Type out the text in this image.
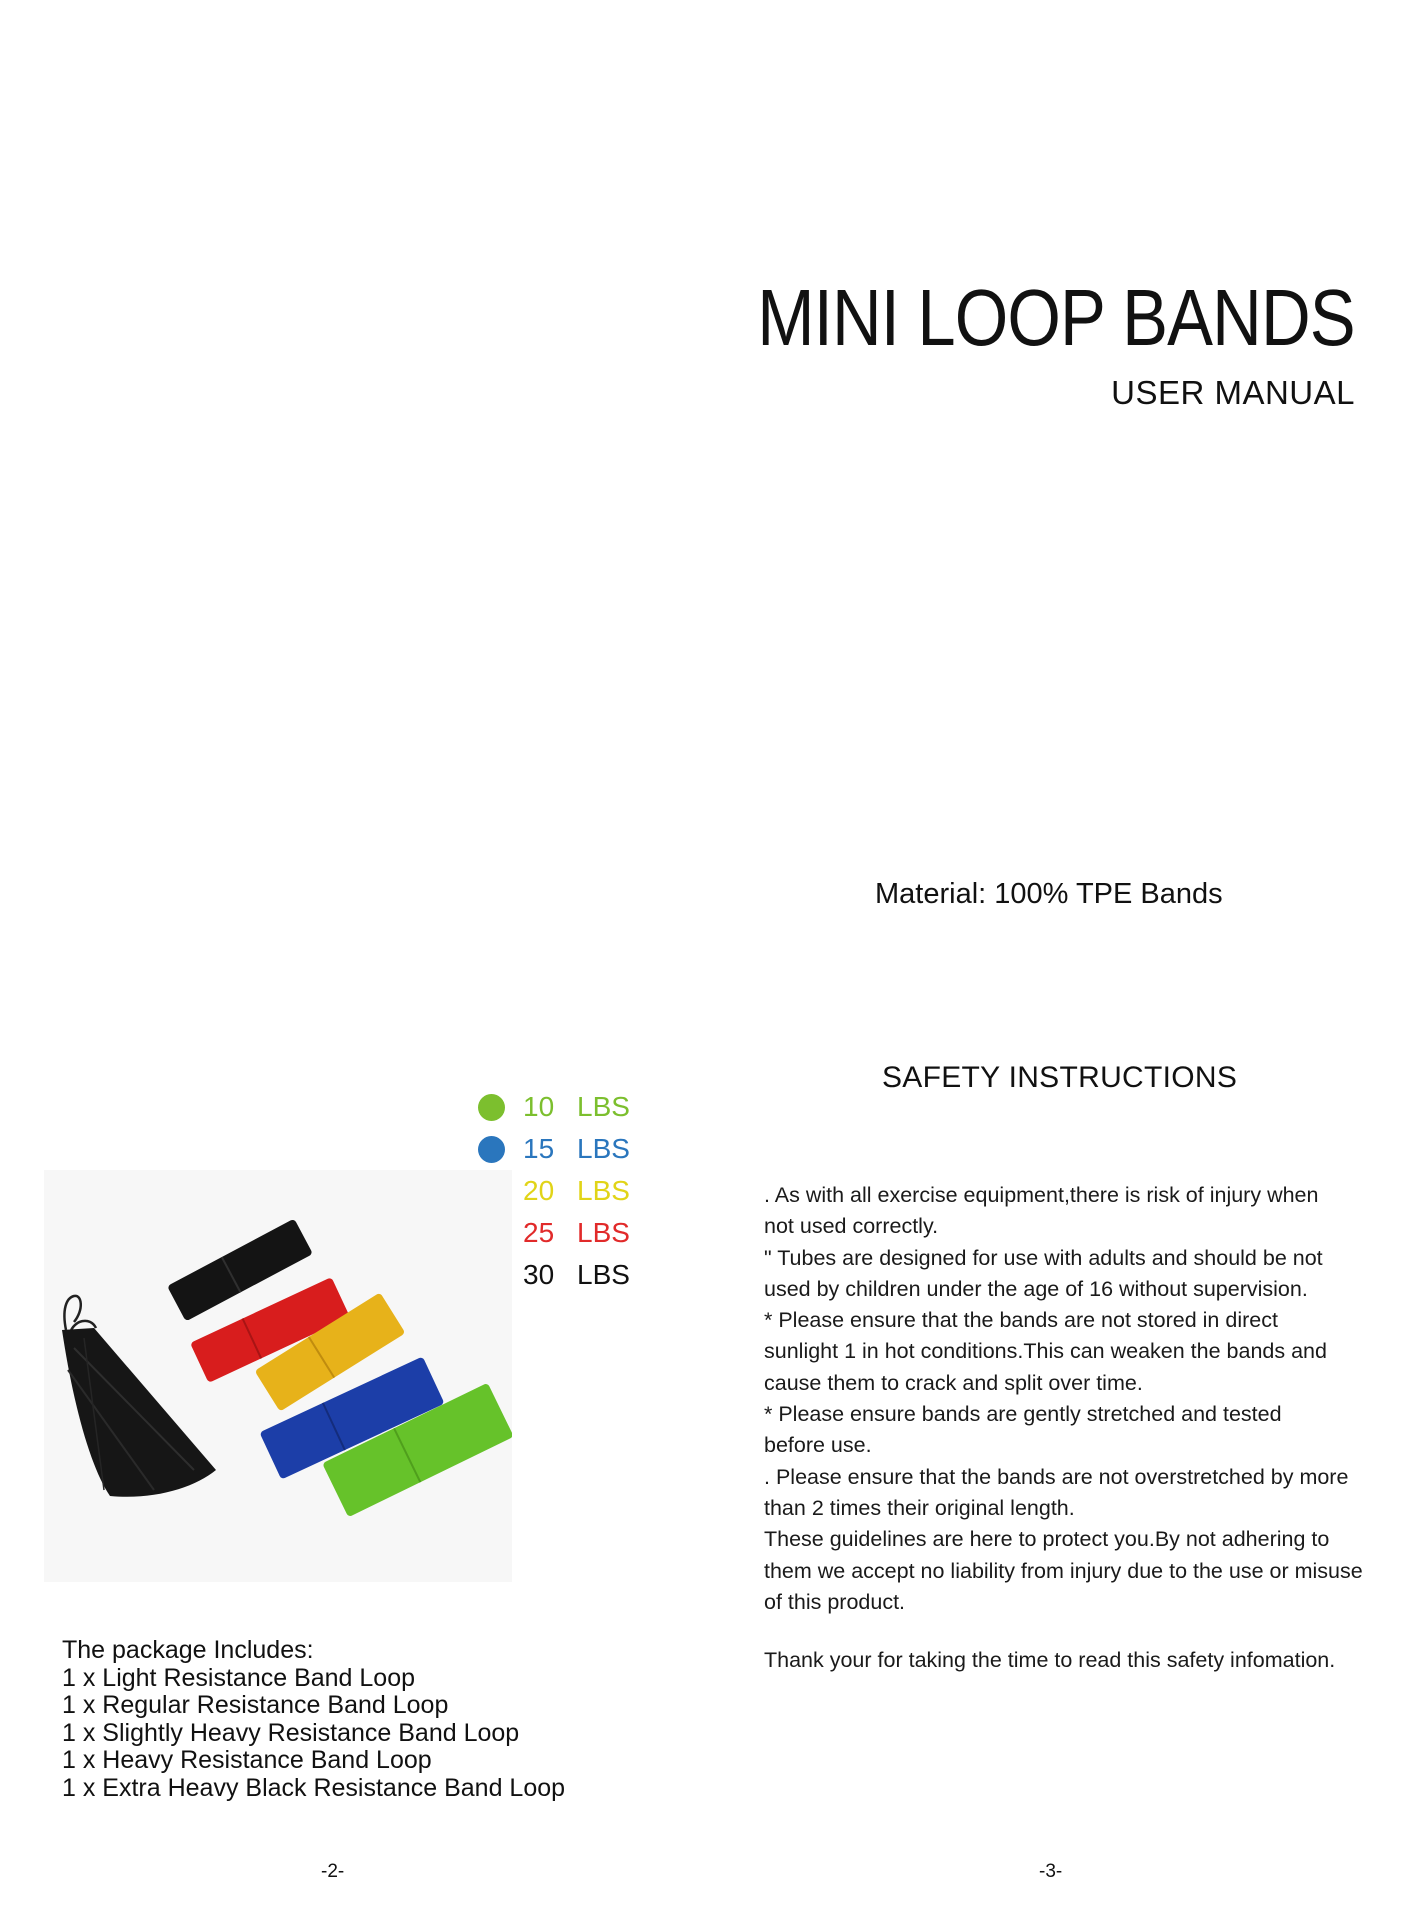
MINI LOOP BANDS
USER MANUAL
Material: 100% TPE Bands
SAFETY INSTRUCTIONS
. As with all exercise equipment,there is risk of injury when
not used correctly.
" Tubes are designed for use with adults and should be not
used by children under the age of 16 without supervision.
* Please ensure that the bands are not stored in direct
sunlight 1 in hot conditions.This can weaken the bands and
cause them to crack and split over time.
* Please ensure bands are gently stretched and tested
before use.
. Please ensure that the bands are not overstretched by more
than 2 times their original length.
These guidelines are here to protect you.By not adhering to
them we accept no liability from injury due to the use or misuse
of this product.
Thank your for taking the time to read this safety infomation.
10 LBS
15 LBS
20 LBS
25 LBS
30 LBS
The package Includes:
1 x Light Resistance Band Loop
1 x Regular Resistance Band Loop
1 x Slightly Heavy Resistance Band Loop
1 x Heavy Resistance Band Loop
1 x Extra Heavy Black Resistance Band Loop
-2-	-3-
